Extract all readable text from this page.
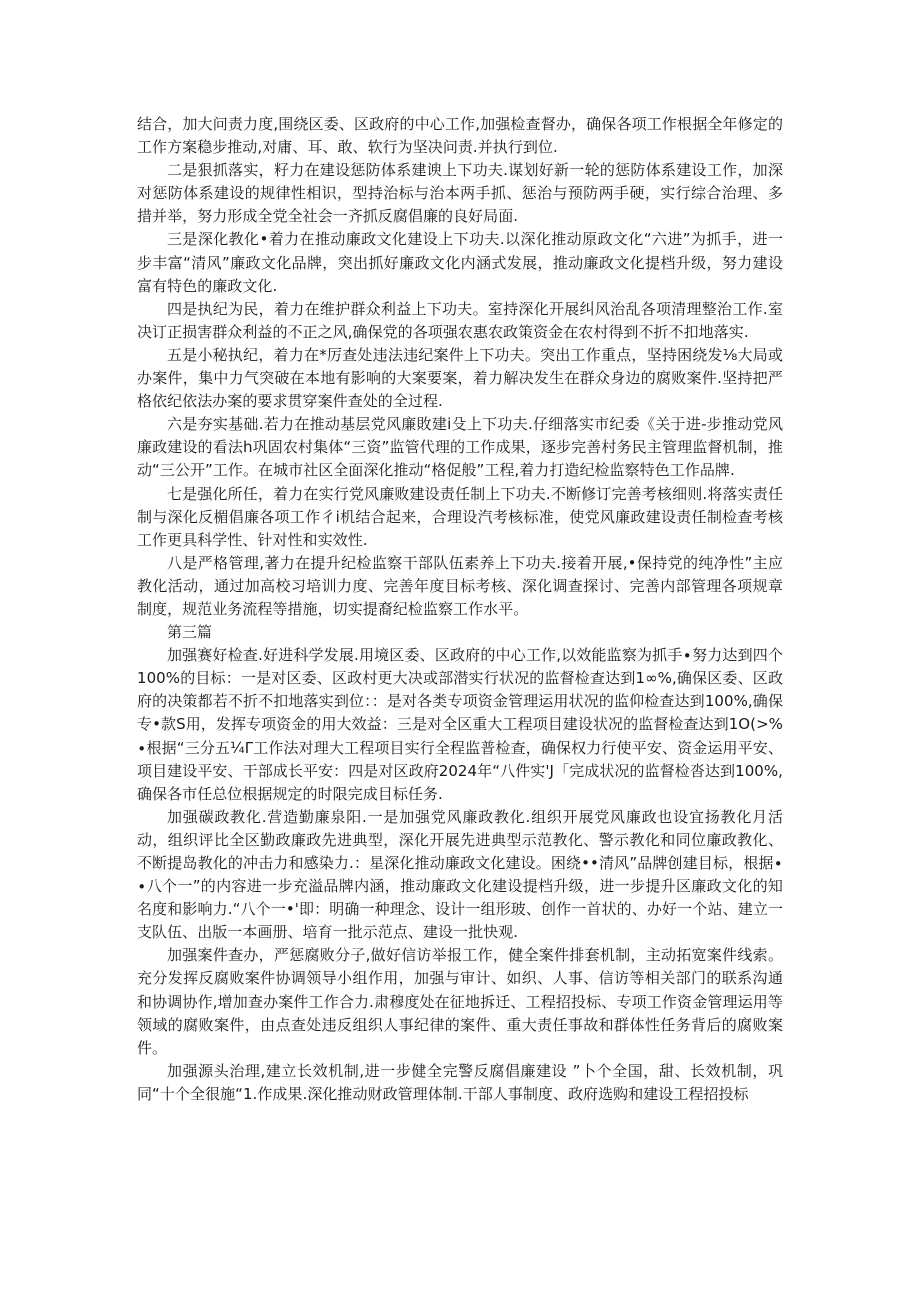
结合，加大问责力度,围绕区委、区政府的中心工作,加强检查督办，确保各项工作根据全年修定的工作方案稳步推动,对庸、耳、敢、软行为坚决问责.并执行到位.

二是狠抓落实，籽力在建设惩防体系建谀上下功夫.谋划好新一轮的惩防体系建设工作，加深对惩防体系建设的规律性相识，型持治标与治本两手抓、惩治与预防两手硬，实行综合治理、多措并举，努力形成全党全社会一齐抓反腐倡廉的良好局面.

三是深化教化•着力在推动廉政文化建设上下功夫.以深化推动原政文化“六进”为抓手，进一步丰富“清风”廉政文化品牌，突出抓好廉政文化内涵式发展，推动廉政文化提档升级，努力建设富有特色的廉政文化.

四是执纪为民，着力在维护群众利益上下功夫。室持深化开展纠风治乱各项清理整治工作.室决订正损害群众利益的不正之风,确保党的各项强农惠农政策资金在农村得到不折不扣地落实.

五是小秘执纪，着力在*厉查处违法违纪案件上下功夫。突出工作重点，坚持困绕发⅛大局或办案件，集中力气突破在本地有影响的大案要案，着力解决发生在群众身边的腐败案件.坚持把严格依纪依法办案的要求贯穿案件查处的全过程.

六是夯实基础.若力在推动基层党风廉敗建i殳上下功夫.仔细落实市纪委《关于进-步推动党风廉政建设的看法h巩固农村集体“三资”监管代理的工作成果，逐步完善村务民主管理监督机制，推动“三公开”工作。在城市社区全面深化推动“格促般”工程,着力打造纪检监察特色工作品牌.

七是强化所任，着力在实行党风廉败建设责任制上下功夫.不断修订完善考核细则.将落实责任制与深化反楣倡廉各项工作彳i机结合起来，合理设汽考核标准，使党风廉政建设责任制检查考核工作更具科学性、针对性和实效性.

八是严格管理,著力在提升纪检监察干部队伍素养上下功夫.接着开展,•保持党的纯净性”主应教化活动，通过加高校习培训力度、完善年度目标考核、深化调查探讨、完善内部管理各项规章制度，规范业务流程等措施，切实提裔纪检监察工作水平。

第三篇

加强赛好检查.好进科学发展.用境区委、区政府的中心工作,以效能监察为抓手∙努力达到四个100%的目标：一是对区委、区政村更大决或部潜实行状况的监督检查达到1∞%,确保区委、区政府的决策都若不折不扣地落实到位：：是对各类专项资金管理运用状况的监仰检查达到100%,确保专•款S用，发挥专项资金的用大效益：三是对全区重大工程项目建设状况的监督检查达到1O(>%∙根据“三分五¼Γ工作法对理大工程项目实行全程监普检查，确保权力行使平安、资金运用平安、项目建设平安、干部成长平安：四是对区政府2024年“八件实'J「完成状况的监督检沓达到100%,确保各市任总位根据规定的时限完成目标任务.

加强碳政教化.营造勤廉泉阳.一是加强党风廉政教化.组织开展党风廉政也设宜扬教化月活动，组织评比全区勤政廉政先进典型，深化开展先进典型示范教化、警示教化和同位廉政教化、不断提岛教化的冲击力和感染力.：星深化推动廉政文化建设。困绕••清风”品牌创建目标，根据∙∙八个一”的内容进一步充溢品牌内涵，推动廉政文化建设提档升级，进一步提升区廉政文化的知名度和影响力.“八个一•'即：明确一种理念、设计一组形玻、创作一首状的、办好一个站、建立一支队伍、出版一本画册、培育一批示范点、建设一批快观.

加强案件查办，严惩腐败分子,做好信访举报工作，健全案件排套机制，主动拓宽案件线索。充分发挥反腐败案件协调领导小组作用，加强与审计、如织、人事、信访等相关部门的联系沟通和协调协作,增加查办案件工作合力.肃穆度处在征地拆迁、工程招投标、专项工作资金管理运用等领域的腐败案件，由点查处违反组织人事纪律的案件、重大责任事故和群体性任务背后的腐败案件。

加强源头治理,建立长效机制,进一步健全完警反腐倡廉建设 ”卜个全国，甜、长效机制，巩同“十个全很施“1.作成果.深化推动财政管理体制.干部人事制度、政府选购和建设工程招投标
